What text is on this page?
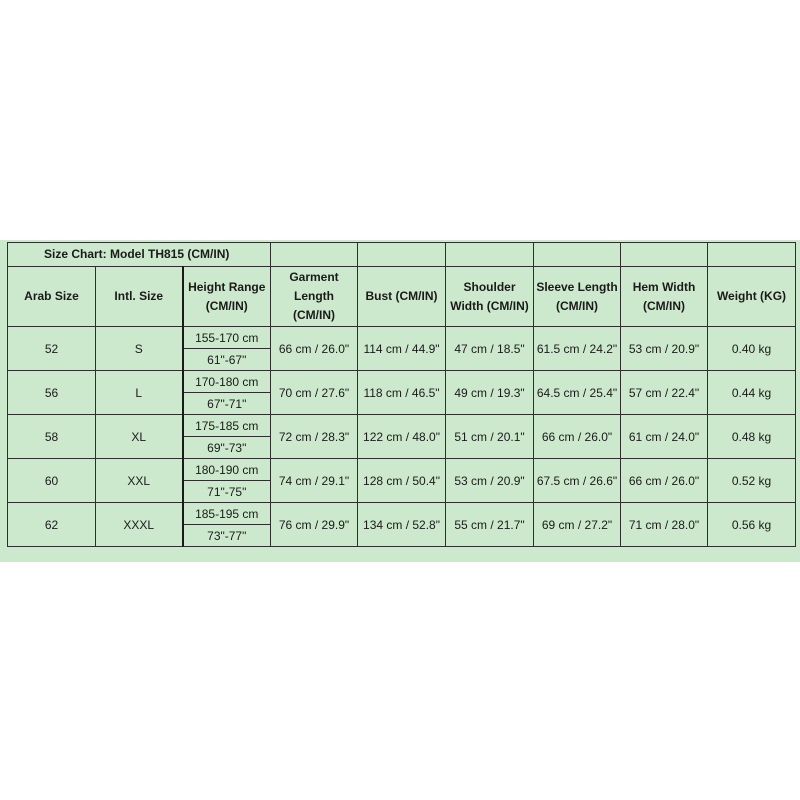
Size Chart: Model TH815 (CM/IN)								
Arab Size	Intl. Size	Height Range (CM/IN)	Garment Length (CM/IN)	Bust (CM/IN)	Shoulder Width (CM/IN)	Sleeve Length (CM/IN)	Hem Width (CM/IN)	Weight (KG)
52	S	155-170 cm	66 cm / 26.0"	114 cm / 44.9"	47 cm / 18.5"	61.5 cm / 24.2"	53 cm / 20.9"	0.40 kg
		61"-67"						
56	L	170-180 cm	70 cm / 27.6"	118 cm / 46.5"	49 cm / 19.3"	64.5 cm / 25.4"	57 cm / 22.4"	0.44 kg
		67"-71"						
58	XL	175-185 cm	72 cm / 28.3"	122 cm / 48.0"	51 cm / 20.1"	66 cm / 26.0"	61 cm / 24.0"	0.48 kg
		69"-73"						
60	XXL	180-190 cm	74 cm / 29.1"	128 cm / 50.4"	53 cm / 20.9"	67.5 cm / 26.6"	66 cm / 26.0"	0.52 kg
		71"-75"						
62	XXXL	185-195 cm	76 cm / 29.9"	134 cm / 52.8"	55 cm / 21.7"	69 cm / 27.2"	71 cm / 28.0"	0.56 kg
		73"-77"						
